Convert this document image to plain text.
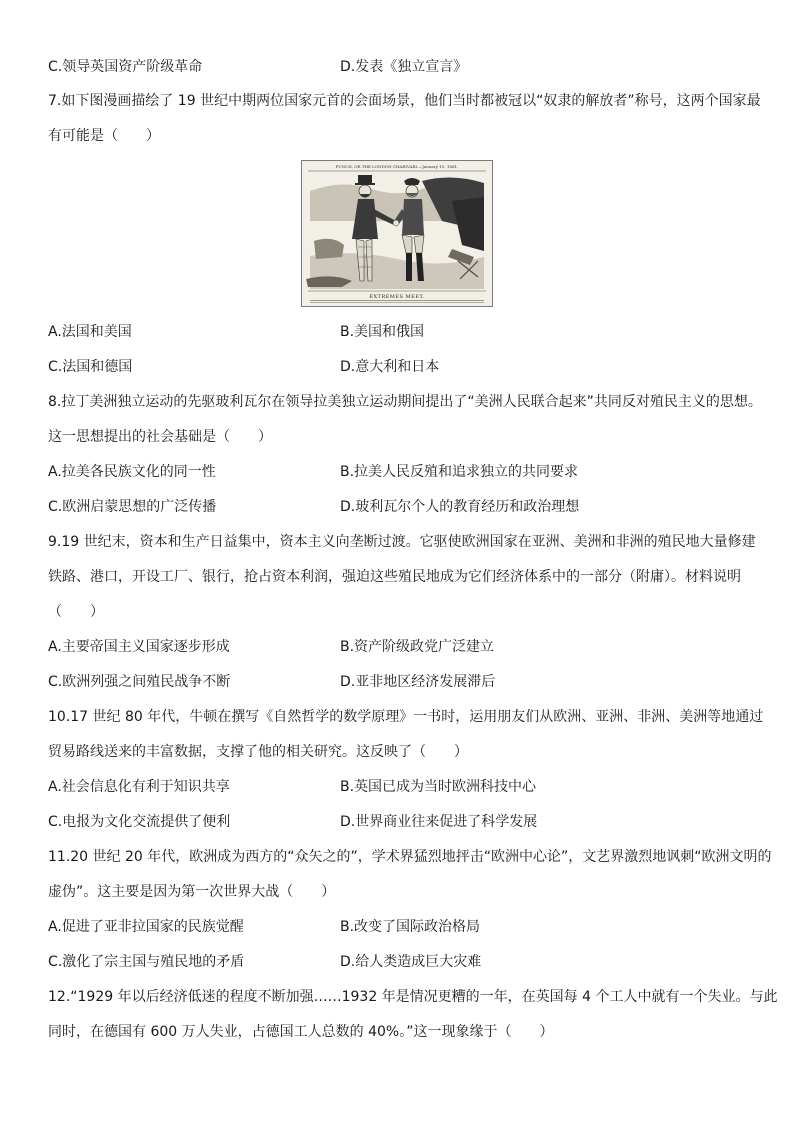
C.领导英国资产阶级革命	D.发表《独立宣言》
7.如下图漫画描绘了 19 世纪中期两位国家元首的会面场景，他们当时都被冠以“奴隶的解放者”称号，这两个国家最
有可能是（　　）
PUNCH, OR THE LONDON CHARIVARI.—January 19, 1861.
EXTREMES MEET.
A.法国和美国	B.美国和俄国
C.法国和德国	D.意大利和日本
8.拉丁美洲独立运动的先驱玻利瓦尔在领导拉美独立运动期间提出了“美洲人民联合起来”共同反对殖民主义的思想。
这一思想提出的社会基础是（　　）
A.拉美各民族文化的同一性	B.拉美人民反殖和追求独立的共同要求
C.欧洲启蒙思想的广泛传播	D.玻利瓦尔个人的教育经历和政治理想
9.19 世纪末，资本和生产日益集中，资本主义向垄断过渡。它驱使欧洲国家在亚洲、美洲和非洲的殖民地大量修建
铁路、港口，开设工厂、银行，抢占资本利润，强迫这些殖民地成为它们经济体系中的一部分（附庸）。材料说明
（　　）
A.主要帝国主义国家逐步形成	B.资产阶级政党广泛建立
C.欧洲列强之间殖民战争不断	D.亚非地区经济发展滞后
10.17 世纪 80 年代，牛顿在撰写《自然哲学的数学原理》一书时，运用朋友们从欧洲、亚洲、非洲、美洲等地通过
贸易路线送来的丰富数据，支撑了他的相关研究。这反映了（　　）
A.社会信息化有利于知识共享	B.英国已成为当时欧洲科技中心
C.电报为文化交流提供了便利	D.世界商业往来促进了科学发展
11.20 世纪 20 年代，欧洲成为西方的“众矢之的”，学术界猛烈地抨击“欧洲中心论”，文艺界激烈地讽刺“欧洲文明的
虚伪”。这主要是因为第一次世界大战（　　）
A.促进了亚非拉国家的民族觉醒	B.改变了国际政治格局
C.激化了宗主国与殖民地的矛盾	D.给人类造成巨大灾难
12.“1929 年以后经济低迷的程度不断加强……1932 年是情况更糟的一年，在英国每 4 个工人中就有一个失业。与此
同时，在德国有 600 万人失业，占德国工人总数的 40%。”这一现象缘于（　　）
